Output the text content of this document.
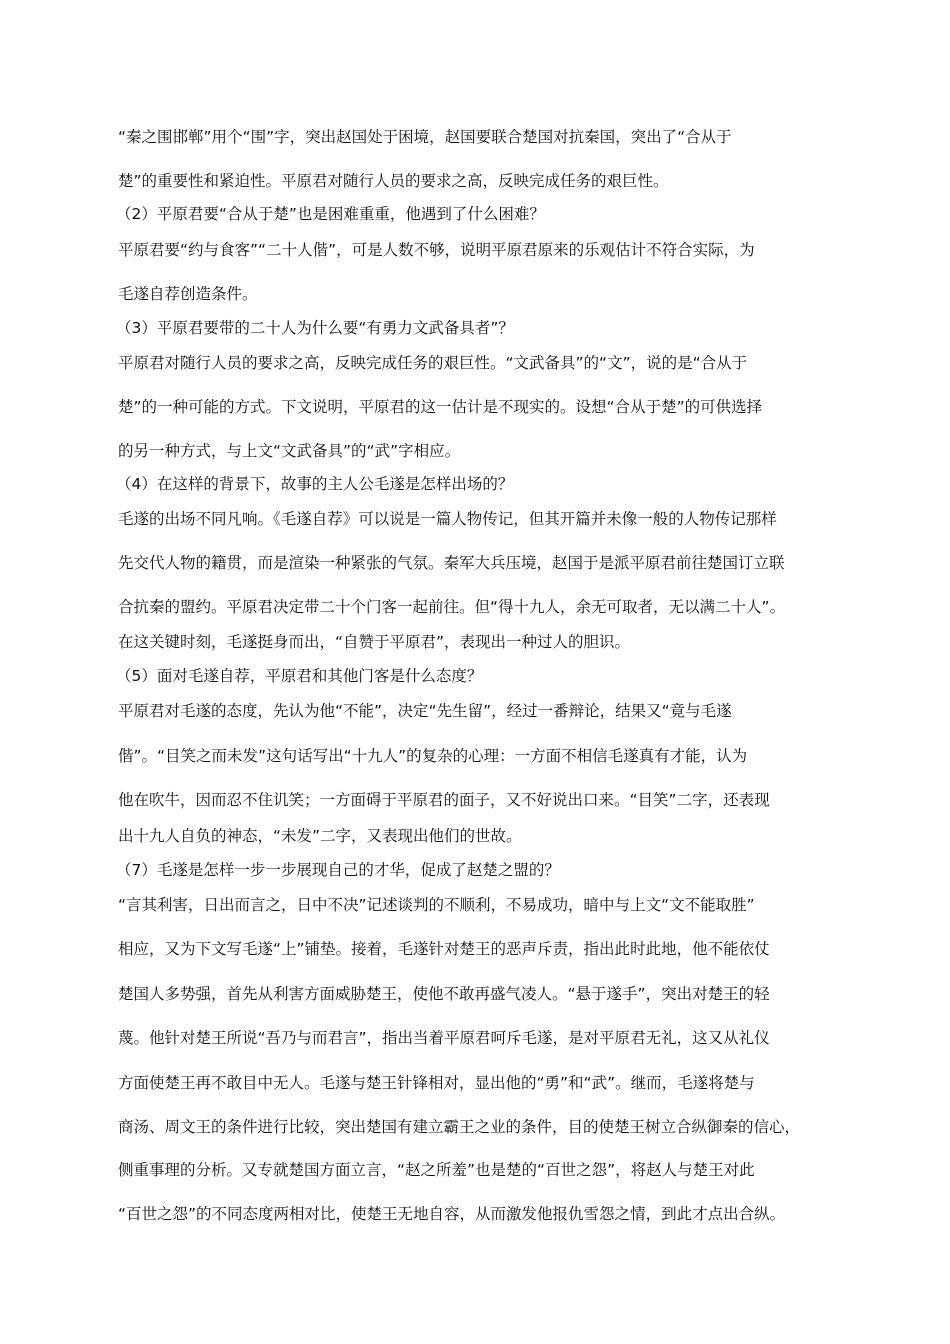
“秦之围邯郸”用个“围”字，突出赵国处于困境，赵国要联合楚国对抗秦国，突出了“合从于
楚”的重要性和紧迫性。平原君对随行人员的要求之高，反映完成任务的艰巨性。
（2）平原君要“合从于楚”也是困难重重，他遇到了什么困难？
平原君要“约与食客”“二十人偕”，可是人数不够，说明平原君原来的乐观估计不符合实际，为
毛遂自荐创造条件。
（3）平原君要带的二十人为什么要“有勇力文武备具者”？
平原君对随行人员的要求之高，反映完成任务的艰巨性。“文武备具”的“文”，说的是“合从于
楚”的一种可能的方式。下文说明，平原君的这一估计是不现实的。设想“合从于楚”的可供选择
的另一种方式，与上文“文武备具”的“武”字相应。
（4）在这样的背景下，故事的主人公毛遂是怎样出场的？
毛遂的出场不同凡响。《毛遂自荐》可以说是一篇人物传记，但其开篇并未像一般的人物传记那样
先交代人物的籍贯，而是渲染一种紧张的气氛。秦军大兵压境，赵国于是派平原君前往楚国订立联
合抗秦的盟约。平原君决定带二十个门客一起前往。但“得十九人，余无可取者，无以满二十人”。
在这关键时刻，毛遂挺身而出，“自赞于平原君”，表现出一种过人的胆识。
（5）面对毛遂自荐，平原君和其他门客是什么态度？
平原君对毛遂的态度，先认为他“不能”，决定“先生留”，经过一番辩论，结果又“竟与毛遂
偕”。“目笑之而未发”这句话写出“十九人”的复杂的心理：一方面不相信毛遂真有才能，认为
他在吹牛，因而忍不住讥笑；一方面碍于平原君的面子，又不好说出口来。“目笑”二字，还表现
出十九人自负的神态，“未发”二字，又表现出他们的世故。
（7）毛遂是怎样一步一步展现自己的才华，促成了赵楚之盟的？
“言其利害，日出而言之，日中不决”记述谈判的不顺利，不易成功，暗中与上文“文不能取胜”
相应，又为下文写毛遂“上”铺垫。接着，毛遂针对楚王的恶声斥责，指出此时此地，他不能依仗
楚国人多势强，首先从利害方面威胁楚王，使他不敢再盛气凌人。“悬于遂手”，突出对楚王的轻
蔑。他针对楚王所说“吾乃与而君言”，指出当着平原君呵斥毛遂，是对平原君无礼，这又从礼仪
方面使楚王再不敢目中无人。毛遂与楚王针锋相对，显出他的“勇”和“武”。继而，毛遂将楚与
商汤、周文王的条件进行比较，突出楚国有建立霸王之业的条件，目的使楚王树立合纵御秦的信心，
侧重事理的分析。又专就楚国方面立言，“赵之所羞”也是楚的“百世之怨”，将赵人与楚王对此
“百世之怨”的不同态度两相对比，使楚王无地自容，从而激发他报仇雪怨之情，到此才点出合纵。
